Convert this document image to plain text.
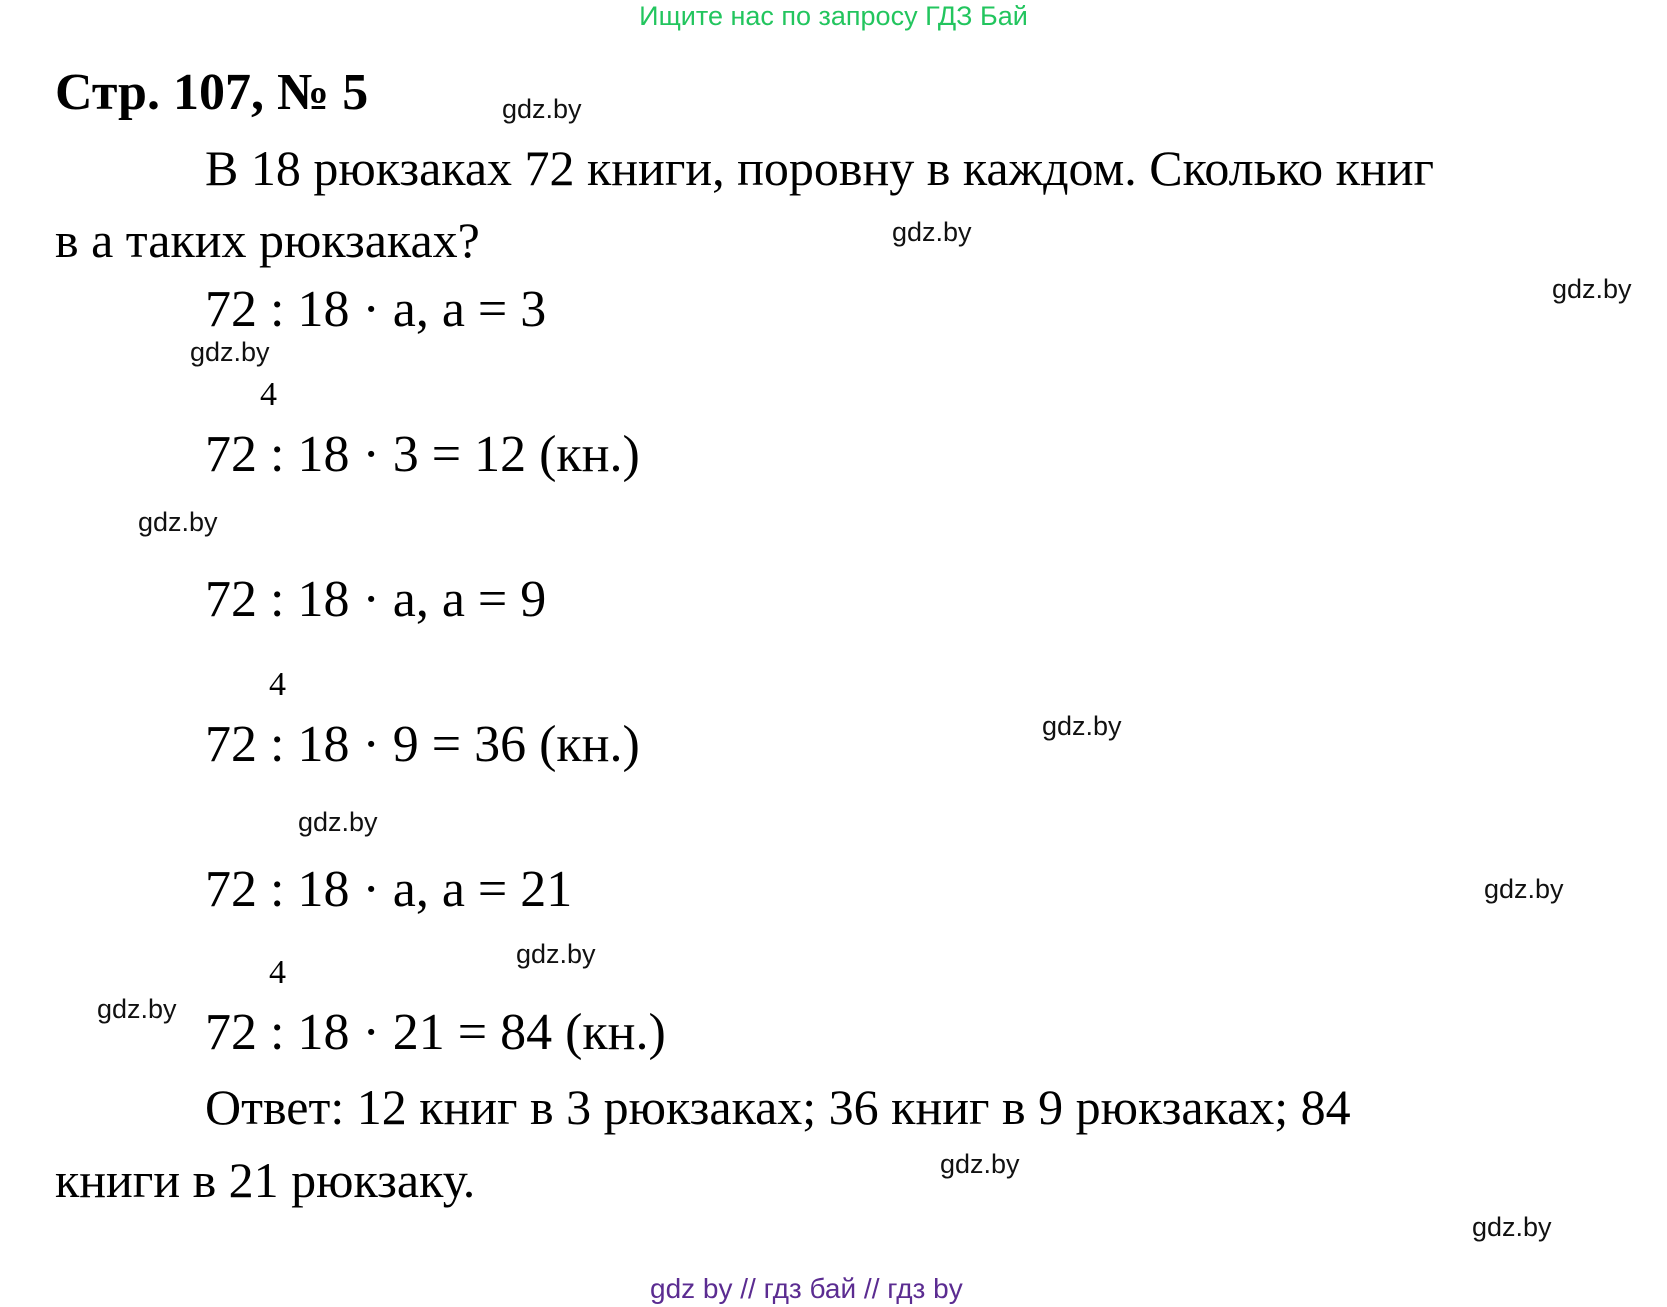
Ищите нас по запросу ГДЗ Бай
Стр. 107, № 5
В 18 рюкзаках 72 книги, поровну в каждом. Сколько книг
в а таких рюкзаках?
72 : 18 · а, а = 3
4
72 : 18 · 3 = 12 (кн.)
72 : 18 · а, а = 9
4
72 : 18 · 9 = 36 (кн.)
72 : 18 · а, а = 21
4
72 : 18 · 21 = 84 (кн.)
Ответ: 12 книг в 3 рюкзаках; 36 книг в 9 рюкзаках; 84
книги в 21 рюкзаку.
gdz.by
gdz.by
gdz.by
gdz.by
gdz.by
gdz.by
gdz.by
gdz.by
gdz.by
gdz.by
gdz.by
gdz.by
gdz by // гдз бай // гдз by
